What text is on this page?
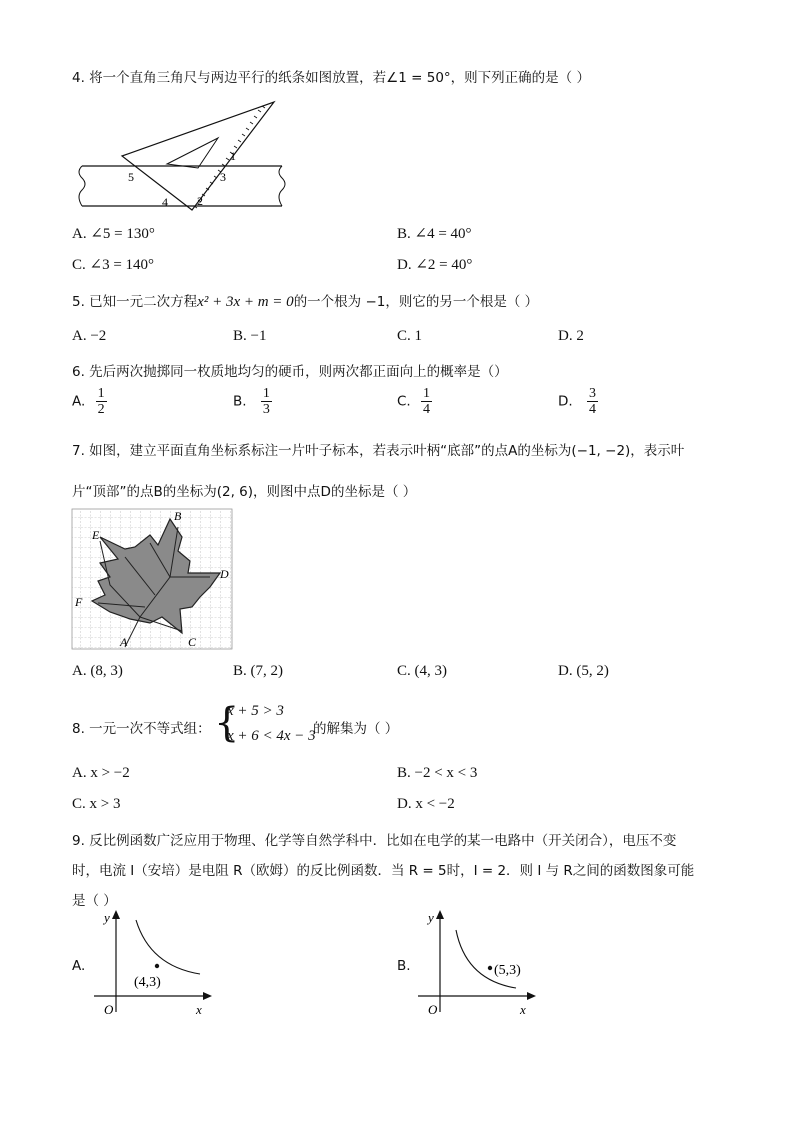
4. 将一个直角三角尺与两边平行的纸条如图放置，若∠1 = 50°，则下列正确的是（ ）
1
2
3
4
5
A. ∠5 = 130°	B. ∠4 = 40°
C. ∠3 = 140°	D. ∠2 = 40°
5. 已知一元二次方程x² + 3x + m = 0的一个根为 −1，则它的另一个根是（ ）
A. −2	B. −1	C. 1	D. 2
6. 先后两次抛掷同一枚质地均匀的硬币，则两次都正面向上的概率是（）
A. $\frac{1}{2}$	B. $\frac{1}{3}$	C. $\frac{1}{4}$	D. $\frac{3}{4}$
7. 如图，建立平面直角坐标系标注一片叶子标本，若表示叶柄“底部”的点A的坐标为(−1, −2)，表示叶
片“顶部”的点B的坐标为(2, 6)，则图中点D的坐标是（ ）
E
B
D
F
A	C
A. (8, 3)	B. (7, 2)	C. (4, 3)	D. (5, 2)
8. 一元一次不等式组： {
x + 5 > 3
x + 6 < 4x − 3
的解集为（ ）
A. x > −2	B. −2 < x < 3
C. x > 3	D. x < −2
9. 反比例函数广泛应用于物理、化学等自然学科中．比如在电学的某一电路中（开关闭合），电压不变
时，电流 I（安培）是电阻 R（欧姆）的反比例函数．当 R = 5时，I = 2．则 I 与 R之间的函数图象可能
是（ ）
A.
y
x
O
(4,3)
B.
y
x
O
(5,3)
